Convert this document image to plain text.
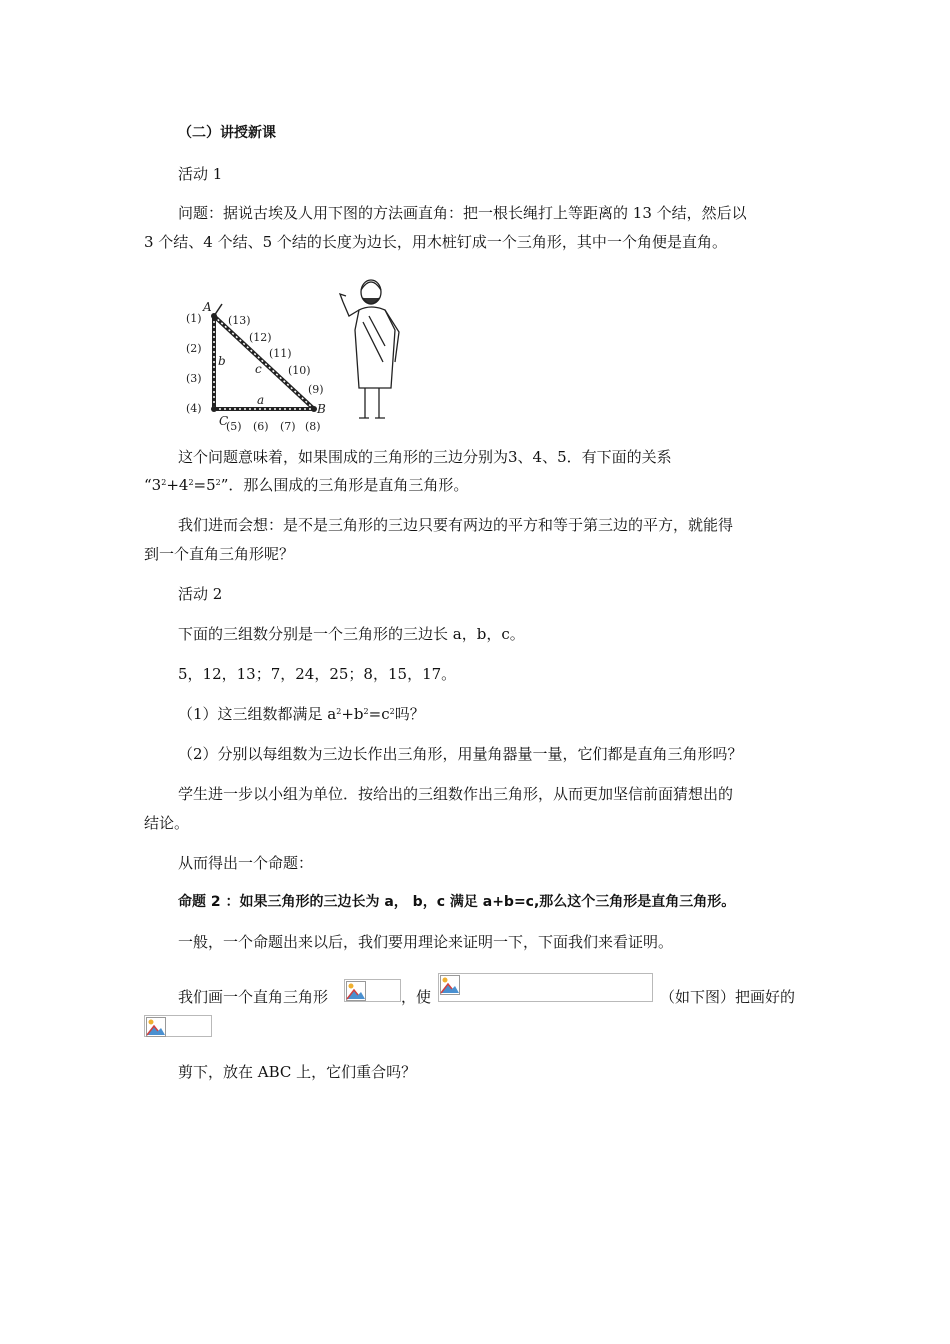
（二）讲授新课
活动 1
问题：据说古埃及人用下图的方法画直角：把一根长绳打上等距离的 13 个结，然后以
3 个结、4 个结、5 个结的长度为边长，用木桩钉成一个三角形，其中一个角便是直角。
A
B
C
a
b
c
(1)
(2)
(3)
(4)
(5) (6) (7) (8)
(9)
(10)
(11)
(12)
(13)
这个问题意味着，如果围成的三角形的三边分别为3、4、5．有下面的关系
“$3^2+4^2=5^2$”．那么围成的三角形是直角三角形。
我们进而会想：是不是三角形的三边只要有两边的平方和等于第三边的平方，就能得
到一个直角三角形呢？
活动 2
下面的三组数分别是一个三角形的三边长 a，b，c。
5，12，13；7，24，25；8，15，17。
（1）这三组数都满足 $a^2+b^2=c^2$吗？
（2）分别以每组数为三边长作出三角形，用量角器量一量，它们都是直角三角形吗？
学生进一步以小组为单位．按给出的三组数作出三角形，从而更加坚信前面猜想出的
结论。
从而得出一个命题：
命题 2 ：如果三角形的三边长为 a， b，c 满足 a+b=c,那么这个三角形是直角三角形。
一般，一个命题出来以后，我们要用理论来证明一下，下面我们来看证明。
我们画一个直角三角形	，使	（如下图）把画好的
剪下，放在 ABC 上，它们重合吗？
